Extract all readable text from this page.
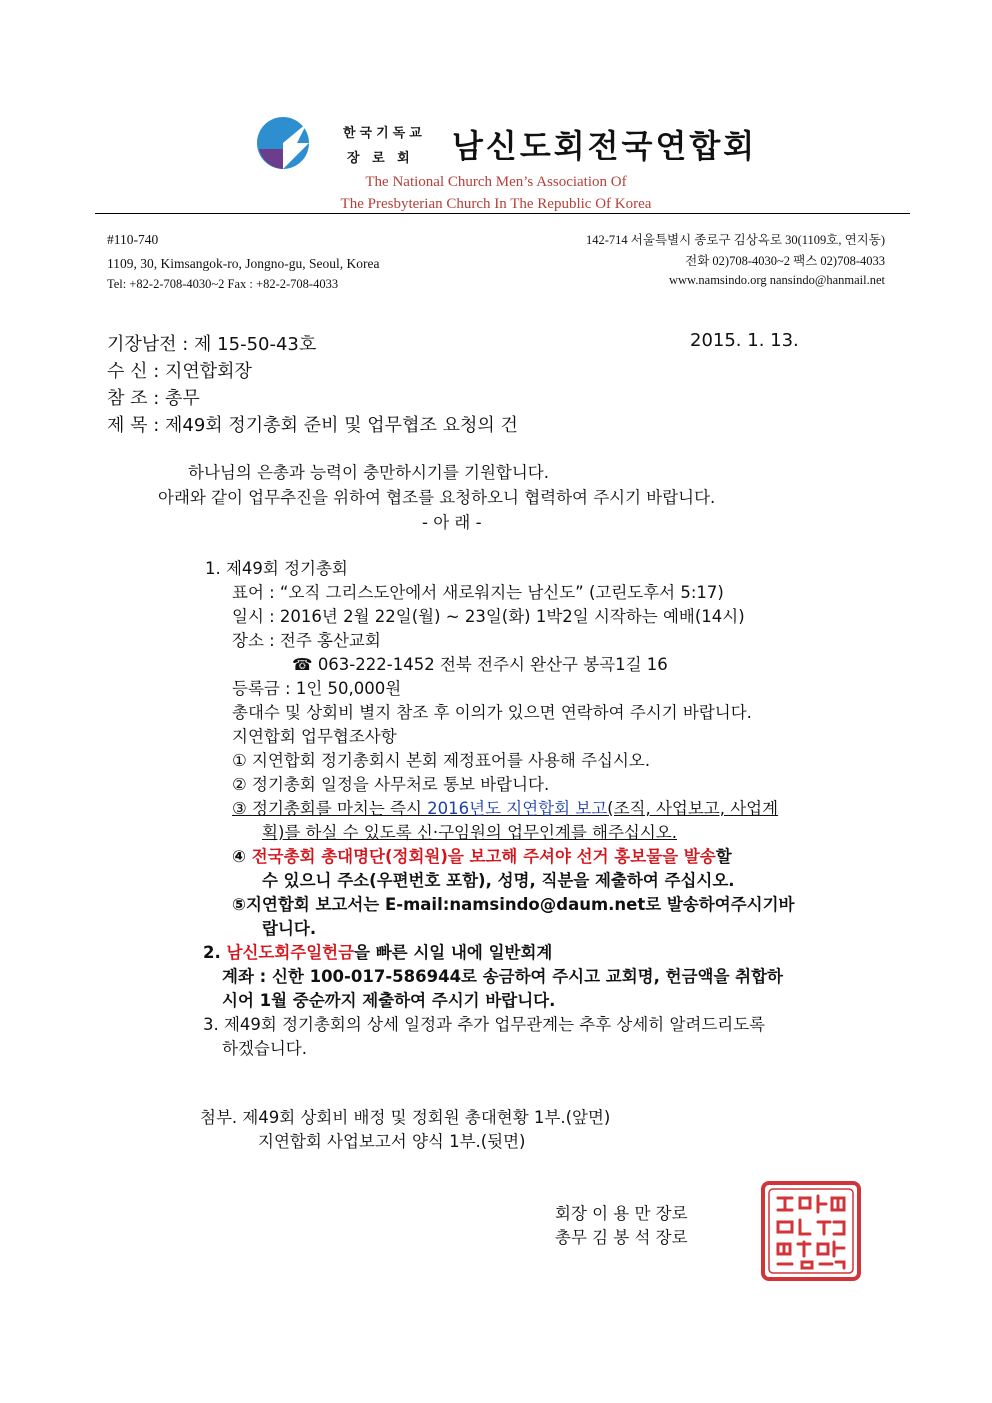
한국기독교
장 로 회 남신도회전국연합회
The National Church Men’s Association Of
The Presbyterian Church In The Republic Of Korea
#110-740
1109, 30, Kimsangok-ro, Jongno-gu, Seoul, Korea
Tel: +82-2-708-4030~2 Fax : +82-2-708-4033
142-714 서울특별시 종로구 김상옥로 30(1109호, 연지동)
전화 02)708-4030~2 팩스 02)708-4033
www.namsindo.org nansindo@hanmail.net
기장남전 : 제 15-50-43호	2015. 1. 13.
수 신 : 지연합회장
참 조 : 총무
제 목 : 제49회 정기총회 준비 및 업무협조 요청의 건
하나님의 은총과 능력이 충만하시기를 기원합니다.
아래와 같이 업무추진을 위하여 협조를 요청하오니 협력하여 주시기 바랍니다.
- 아 래 -
1. 제49회 정기총회
표어 : “오직 그리스도안에서 새로워지는 남신도” (고린도후서 5:17)
일시 : 2016년 2월 22일(월) ~ 23일(화) 1박2일 시작하는 예배(14시)
장소 : 전주 홍산교회
☎ 063-222-1452 전북 전주시 완산구 봉곡1길 16
등록금 : 1인 50,000원
총대수 및 상회비 별지 참조 후 이의가 있으면 연락하여 주시기 바랍니다.
지연합회 업무협조사항
① 지연합회 정기총회시 본회 제정표어를 사용해 주십시오.
② 정기총회 일정을 사무처로 통보 바랍니다.
③ 정기총회를 마치는 즉시 2016년도 지연합회 보고(조직, 사업보고, 사업계
획)를 하실 수 있도록 신·구임원의 업무인계를 해주십시오.
④ 전국총회 총대명단(정회원)을 보고해 주셔야 선거 홍보물을 발송할
수 있으니 주소(우편번호 포함), 성명, 직분을 제출하여 주십시오.
⑤지연합회 보고서는 E-mail:namsindo@daum.net로 발송하여주시기바
랍니다.
2. 남신도회주일헌금을 빠른 시일 내에 일반회계
계좌 : 신한 100-017-586944로 송금하여 주시고 교회명, 헌금액을 취합하
시어 1월 중순까지 제출하여 주시기 바랍니다.
3. 제49회 정기총회의 상세 일정과 추가 업무관계는 추후 상세히 알려드리도록
하겠습니다.
첨부. 제49회 상회비 배정 및 정회원 총대현황 1부.(앞면)
지연합회 사업보고서 양식 1부.(뒷면)
회장 이 용 만 장로
총무 김 봉 석 장로
